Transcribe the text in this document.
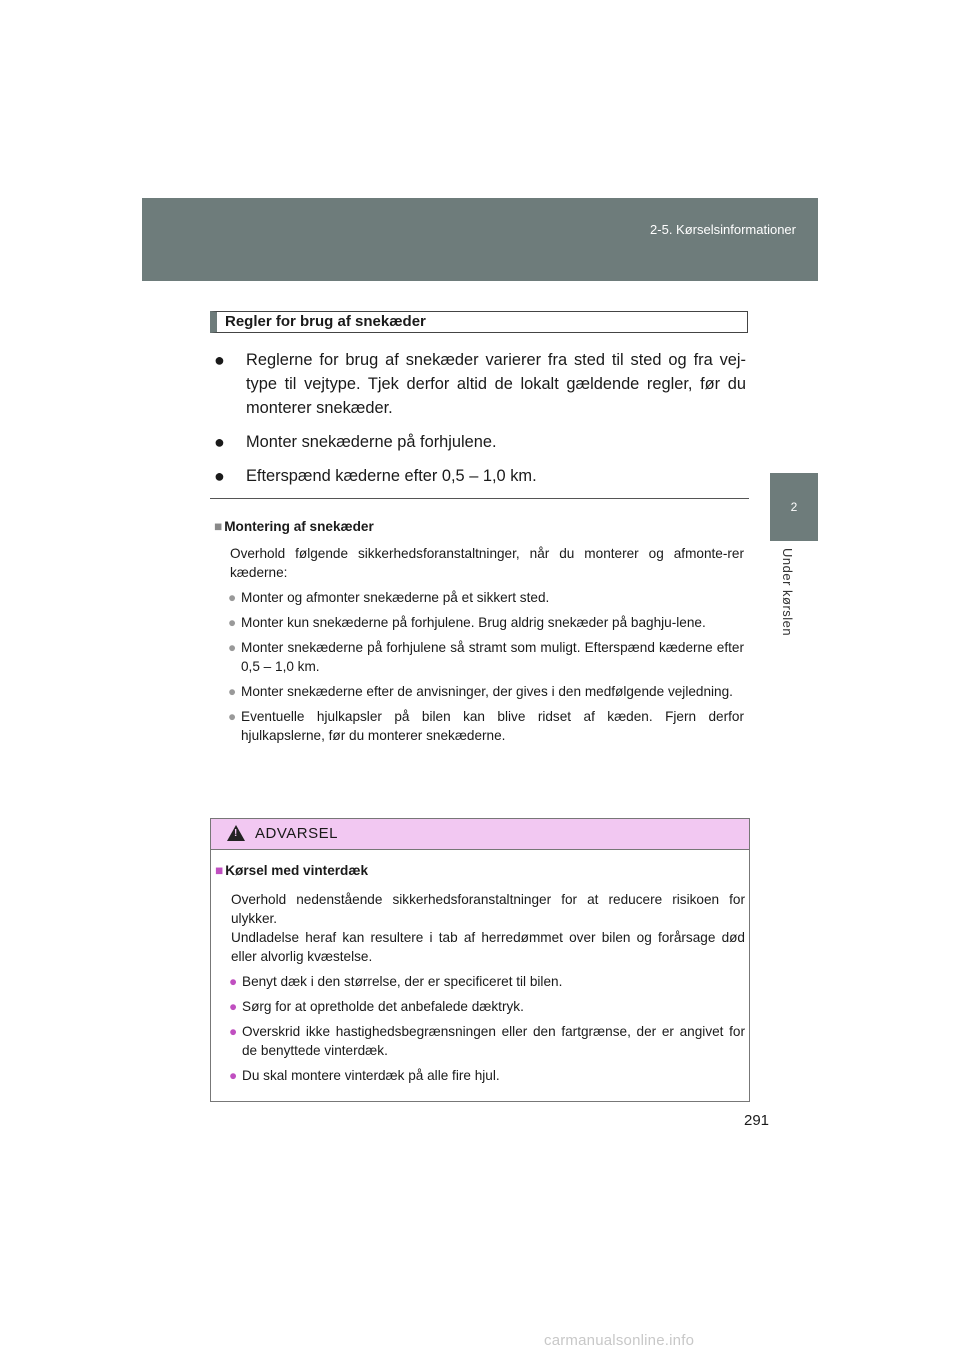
2-5. Kørselsinformationer
2
Under kørslen
Regler for brug af snekæder
● Reglerne for brug af snekæder varierer fra sted til sted og fra vej-type til vejtype. Tjek derfor altid de lokalt gældende regler, før du monterer snekæder.
● Monter snekæderne på forhjulene.
● Efterspænd kæderne efter 0,5 – 1,0 km.
■ Montering af snekæder
Overhold følgende sikkerhedsforanstaltninger, når du monterer og afmonte-rer kæderne:
● Monter og afmonter snekæderne på et sikkert sted.
● Monter kun snekæderne på forhjulene. Brug aldrig snekæder på baghju-lene.
● Monter snekæderne på forhjulene så stramt som muligt. Efterspænd kæderne efter 0,5 – 1,0 km.
● Monter snekæderne efter de anvisninger, der gives i den medfølgende vejledning.
● Eventuelle hjulkapsler på bilen kan blive ridset af kæden. Fjern derfor hjulkapslerne, før du monterer snekæderne.
! ADVARSEL
■ Kørsel med vinterdæk
Overhold nedenstående sikkerhedsforanstaltninger for at reducere risikoen for ulykker.
Undladelse heraf kan resultere i tab af herredømmet over bilen og forårsage død eller alvorlig kvæstelse.
● Benyt dæk i den størrelse, der er specificeret til bilen.
● Sørg for at opretholde det anbefalede dæktryk.
● Overskrid ikke hastighedsbegrænsningen eller den fartgrænse, der er angivet for de benyttede vinterdæk.
● Du skal montere vinterdæk på alle fire hjul.
291
carmanualsonline.info
